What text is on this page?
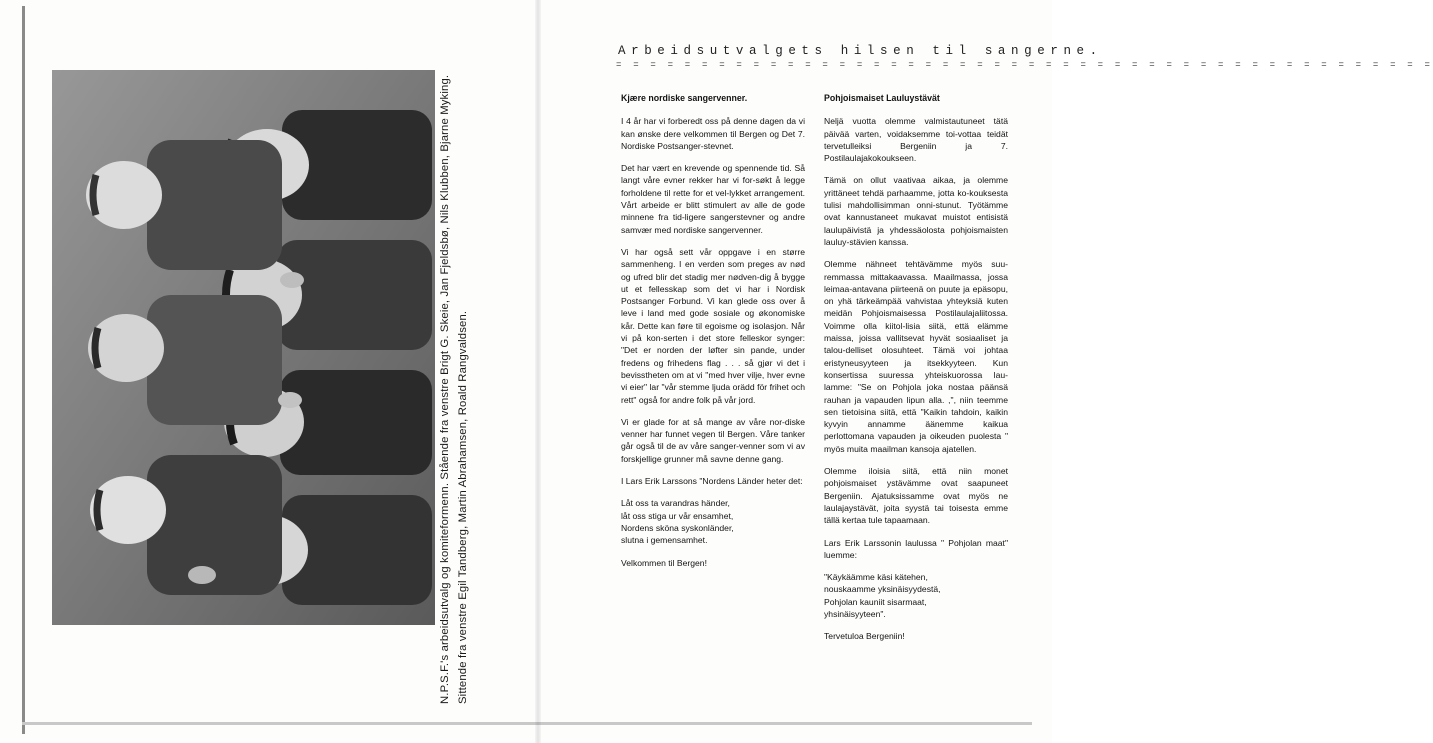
N.P.S.F.'s arbeidsutvalg og komiteformenn. Stående fra venstre Brigt G. Skeie, Jan Fjeldsbø, Nils Klubben, Bjarne Myking. Sittende fra venstre Egil Tandberg, Martin Abrahamsen, Roald Rangvaldsen.
Arbeidsutvalgets hilsen til sangerne.
= = = = = = = = = = = = = = = = = = = = = = = = = = = = = = = = = = = = = = = = = = = = = = = =
Kjære nordiske sangervenner.

I 4 år har vi forberedt oss på denne dagen da vi kan ønske dere velkommen til Bergen og Det 7. Nordiske Postsanger-stevnet.

Det har vært en krevende og spennende tid. Så langt våre evner rekker har vi for-søkt å legge forholdene til rette for et vel-lykket arrangement. Vårt arbeide er blitt stimulert av alle de gode minnene fra tid-ligere sangerstevner og andre samvær med nordiske sangervenner.

Vi har også sett vår oppgave i en større sammenheng. I en verden som preges av nød og ufred blir det stadig mer nødven-dig å bygge ut et fellesskap som det vi har i Nordisk Postsanger Forbund. Vi kan glede oss over å leve i land med gode sosiale og økonomiske kår. Dette kan føre til egoisme og isolasjon. Når vi på kon-serten i det store felleskor synger: "Det er norden der løfter sin pande, under fredens og frihedens flag . . . så gjør vi det i bevisstheten om at vi "med hver vilje, hver evne vi eier" lar "vår stemme ljuda orädd för frihet och rett" også for andre folk på vår jord.

Vi er glade for at så mange av våre nor-diske venner har funnet vegen til Bergen. Våre tanker går også til de av våre sanger-venner som vi av forskjellige grunner må savne denne gang.

I Lars Erik Larssons "Nordens Länder heter det:

Låt oss ta varandras händer,
låt oss stiga ur vår ensamhet,
Nordens sköna syskonländer,
slutna i gemensamhet.

Velkommen til Bergen!

Pohjoismaiset Lauluystävät

Neljä vuotta olemme valmistautuneet tätä päivää varten, voidaksemme toi-vottaa teidät tervetulleiksi Bergeniin ja 7. Postilaulajakokoukseen.

Tämä on ollut vaativaa aikaa, ja olemme yrittäneet tehdä parhaamme, jotta ko-kouksesta tulisi mahdollisimman onni-stunut. Työtämme ovat kannustaneet mukavat muistot entisistä laulupäivistä ja yhdessäolosta pohjoismaisten lauluy-stävien kanssa.

Olemme nähneet tehtävämme myös suu-remmassa mittakaavassa. Maailmassa, jossa leimaa-antavana piirteenä on puute ja epäsopu, on yhä tärkeämpää vahvistaa yhteyksiä kuten meidän Pohjoismaisessa Postilaulajaliitossa. Voimme olla kiitol-lisia siitä, että elämme maissa, joissa vallitsevat hyvät sosiaaliset ja talou-delliset olosuhteet. Tämä voi johtaa eristyneusyyteen ja itsekkyyteen. Kun konsertissa suuressa yhteiskuorossa lau-lamme: "Se on Pohjola joka nostaa päänsä rauhan ja vapauden lipun alla. ,", niin teemme sen tietoisina siitä, että "Kaikin tahdoin, kaikin kyvyin annamme äänemme kaikua perlottomana vapauden ja oikeuden puolesta " myös muita maailman kansoja ajatellen.

Olemme iloisia siitä, että niin monet pohjoismaiset ystävämme ovat saapuneet Bergeniin. Ajatuksissamme ovat myös ne laulajaystävät, joita syystä tai toisesta emme tällä kertaa tule tapaamaan.

Lars Erik Larssonin laulussa " Pohjolan maat" luemme:

"Käykäämme käsi kätehen,
nouskaamme yksinäisyydestä,
Pohjolan kauniit sisarmaat,
yhsinäisyyteen".

Tervetuloa Bergeniin!
